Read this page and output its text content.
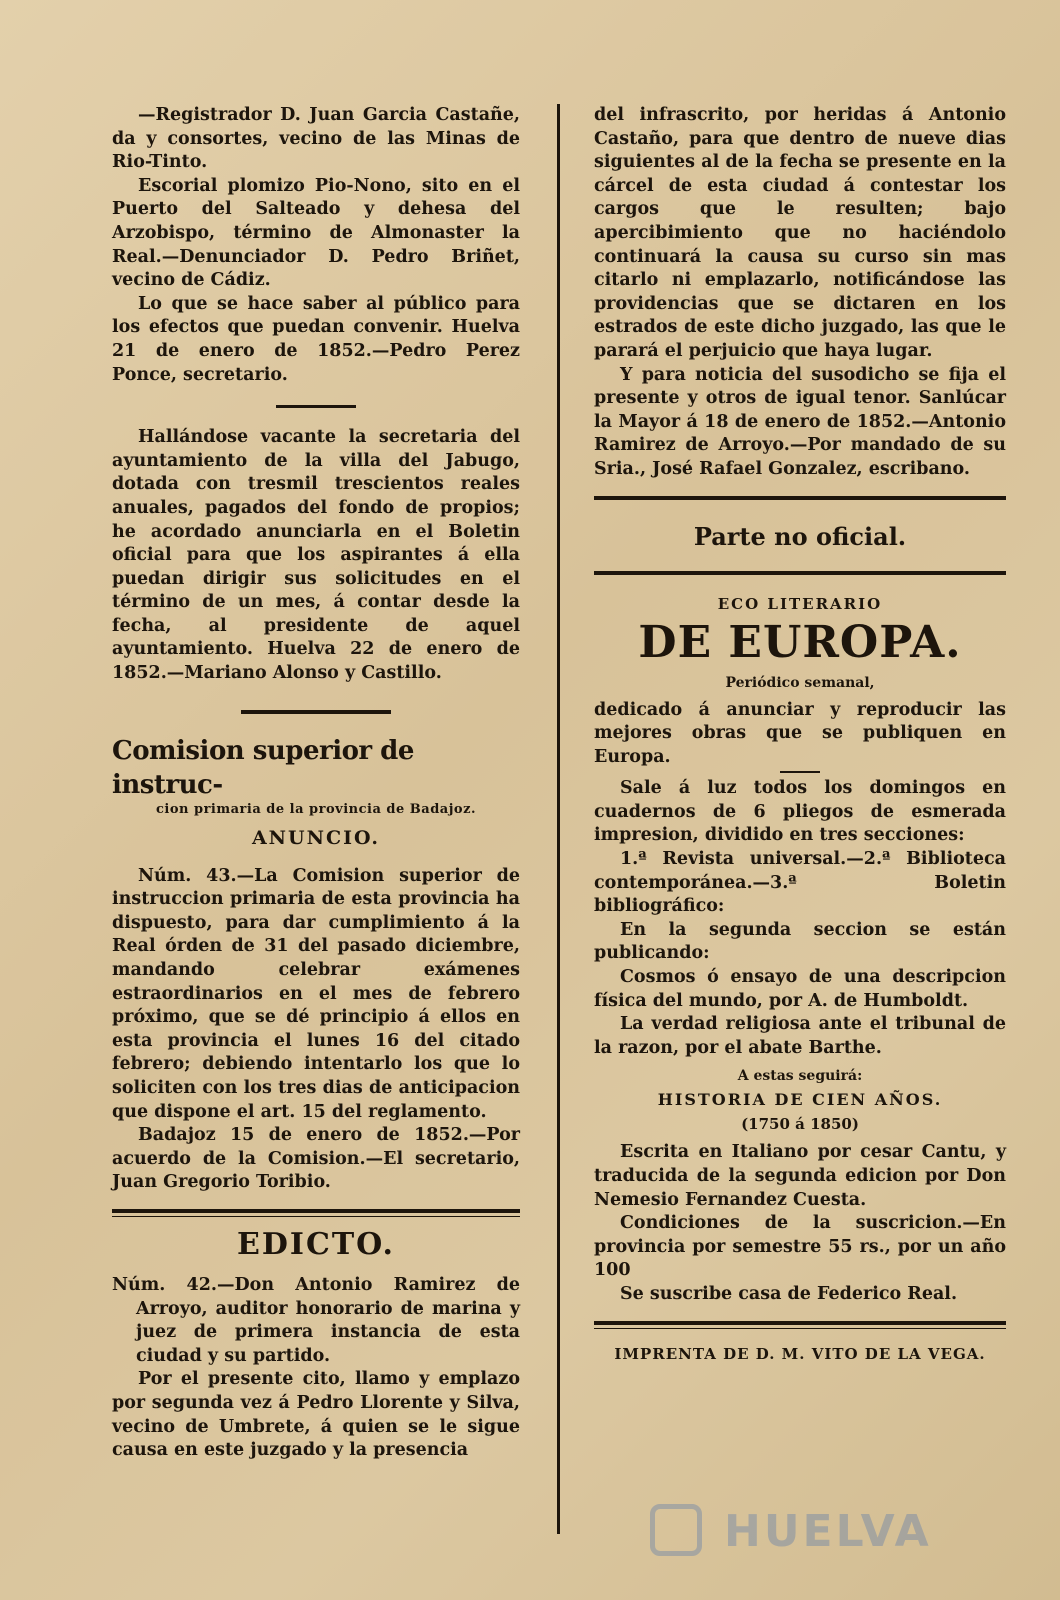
—Registrador D. Juan Garcia Castañe, da y consortes, vecino de las Minas de Rio-Tinto.

Escorial plomizo Pio-Nono, sito en el Puerto del Salteado y dehesa del Arzobispo, término de Almonaster la Real.—Denunciador D. Pedro Briñet, vecino de Cádiz.

Lo que se hace saber al público para los efectos que puedan convenir. Huelva 21 de enero de 1852.—Pedro Perez Ponce, secretario.

Hallándose vacante la secretaria del ayuntamiento de la villa del Jabugo, dotada con tresmil trescientos reales anuales, pagados del fondo de propios; he acordado anunciarla en el Boletin oficial para que los aspirantes á ella puedan dirigir sus solicitudes en el término de un mes, á contar desde la fecha, al presidente de aquel ayuntamiento. Huelva 22 de enero de 1852.—Mariano Alonso y Castillo.

Comision superior de instruc-
cion primaria de la provincia de Badajoz.
ANUNCIO.

Núm. 43.—La Comision superior de instruccion primaria de esta provincia ha dispuesto, para dar cumplimiento á la Real órden de 31 del pasado diciembre, mandando celebrar exámenes estraordinarios en el mes de febrero próximo, que se dé principio á ellos en esta provincia el lunes 16 del citado febrero; debiendo intentarlo los que lo soliciten con los tres dias de anticipacion que dispone el art. 15 del reglamento.

Badajoz 15 de enero de 1852.—Por acuerdo de la Comision.—El secretario, Juan Gregorio Toribio.

EDICTO.

Núm. 42.—Don Antonio Ramirez de Arroyo, auditor honorario de marina y juez de primera instancia de esta ciudad y su partido.

Por el presente cito, llamo y emplazo por segunda vez á Pedro Llorente y Silva, vecino de Umbrete, á quien se le sigue causa en este juzgado y la presencia

del infrascrito, por heridas á Antonio Castaño, para que dentro de nueve dias siguientes al de la fecha se presente en la cárcel de esta ciudad á contestar los cargos que le resulten; bajo apercibimiento que no haciéndolo continuará la causa su curso sin mas citarlo ni emplazarlo, notificándose las providencias que se dictaren en los estrados de este dicho juzgado, las que le parará el perjuicio que haya lugar.

Y para noticia del susodicho se fija el presente y otros de igual tenor. Sanlúcar la Mayor á 18 de enero de 1852.—Antonio Ramirez de Arroyo.—Por mandado de su Sria., José Rafael Gonzalez, escribano.

Parte no oficial.
ECO LITERARIO
DE EUROPA.
Periódico semanal,

dedicado á anunciar y reproducir las mejores obras que se publiquen en Europa.

Sale á luz todos los domingos en cuadernos de 6 pliegos de esmerada impresion, dividido en tres secciones:

1.ª Revista universal.—2.ª Biblioteca contemporánea.—3.ª Boletin bibliográfico:

En la segunda seccion se están publicando:

Cosmos ó ensayo de una descripcion física del mundo, por A. de Humboldt.

La verdad religiosa ante el tribunal de la razon, por el abate Barthe.

A estas seguirá:
HISTORIA DE CIEN AÑOS.
(1750 á 1850)

Escrita en Italiano por cesar Cantu, y traducida de la segunda edicion por Don Nemesio Fernandez Cuesta.

Condiciones de la suscricion.—En provincia por semestre 55 rs., por un año 100

Se suscribe casa de Federico Real.

IMPRENTA DE D. M. VITO DE LA VEGA.
HUELVA
